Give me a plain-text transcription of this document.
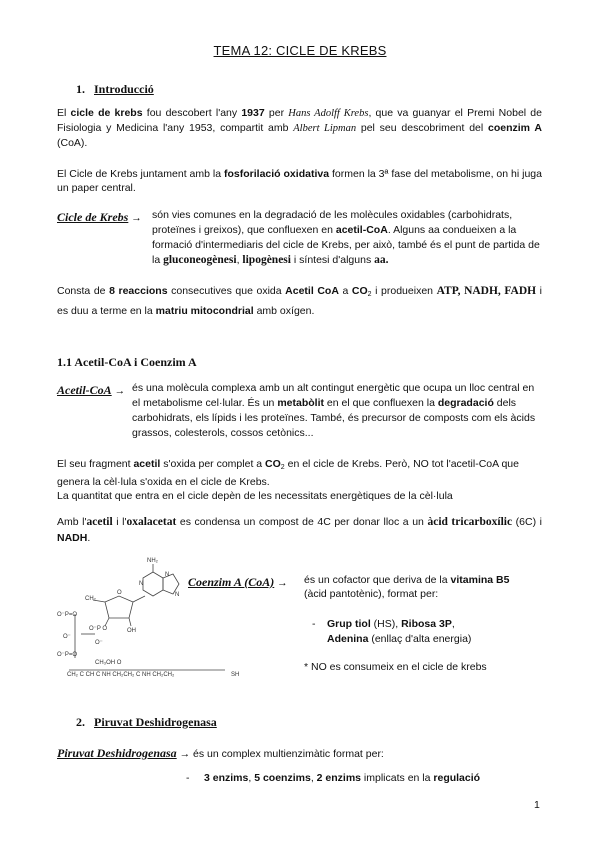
TEMA 12: CICLE DE KREBS
1. Introducció
El cicle de krebs fou descobert l'any 1937 per Hans Adolff Krebs, que va guanyar el Premi Nobel de Fisiologia y Medicina l'any 1953, compartit amb Albert Lipman pel seu descobriment del coenzim A (CoA).
El Cicle de Krebs juntament amb la fosforilació oxidativa formen la 3ª fase del metabolisme, on hi juga un paper central.
Cicle de Krebs → són vies comunes en la degradació de les molècules oxidables (carbohidrats, proteïnes i greixos), que confluexen en acetil-CoA. Alguns aa condueixen a la formació d'intermediaris del cicle de Krebs, per això, també és el punt de partida de la gluconeogènesi, lipogènesi i síntesi d'alguns aa.
Consta de 8 reaccions consecutives que oxida Acetil CoA a $CO_2$ i produeixen ATP, NADH, FADH i es duu a terme en la matriu mitocondrial amb oxígen.
1.1 Acetil-CoA i Coenzim A
Acetil-CoA → és una molècula complexa amb un alt contingut energètic que ocupa un lloc central en el metabolisme cel·lular. És un metabòlit en el que confluexen la degradació dels carbohidrats, els lípids i les proteïnes. També, és precursor de composts com els àcids grassos, colesterols, cossos cetònics...
El seu fragment acetil s'oxida per complet a $CO_2$ en el cicle de Krebs. Però, NO tot l'acetil-CoA que genera la cèl·lula s'oxida en el cicle de Krebs.
La quantitat que entra en el cicle depèn de les necessitats energètiques de la cèl·lula
Amb l'acetil i l'oxalacetat es condensa un compost de 4C per donar lloc a un àcid tricarboxílic (6C) i NADH.
NH₂
N
N
N
O
CH₂
OH
O⁻P=O
O⁻
O⁻P O
O⁻
O⁻P=O
CH₃OH O
CH₂ C CH C NH CH₂CH₂ C NH CH₂CH₂	SH
Coenzim A (CoA) → és un cofactor que deriva de la vitamina B5
(àcid pantotènic), format per:
- Grup tiol (HS), Ribosa 3P,
Adenina (enllaç d'alta energia)
* NO es consumeix en el cicle de krebs
2. Piruvat Deshidrogenasa
Piruvat Deshidrogenasa → és un complex multienzimàtic format per:
- 3 enzims, 5 coenzims, 2 enzims implicats en la regulació
1
